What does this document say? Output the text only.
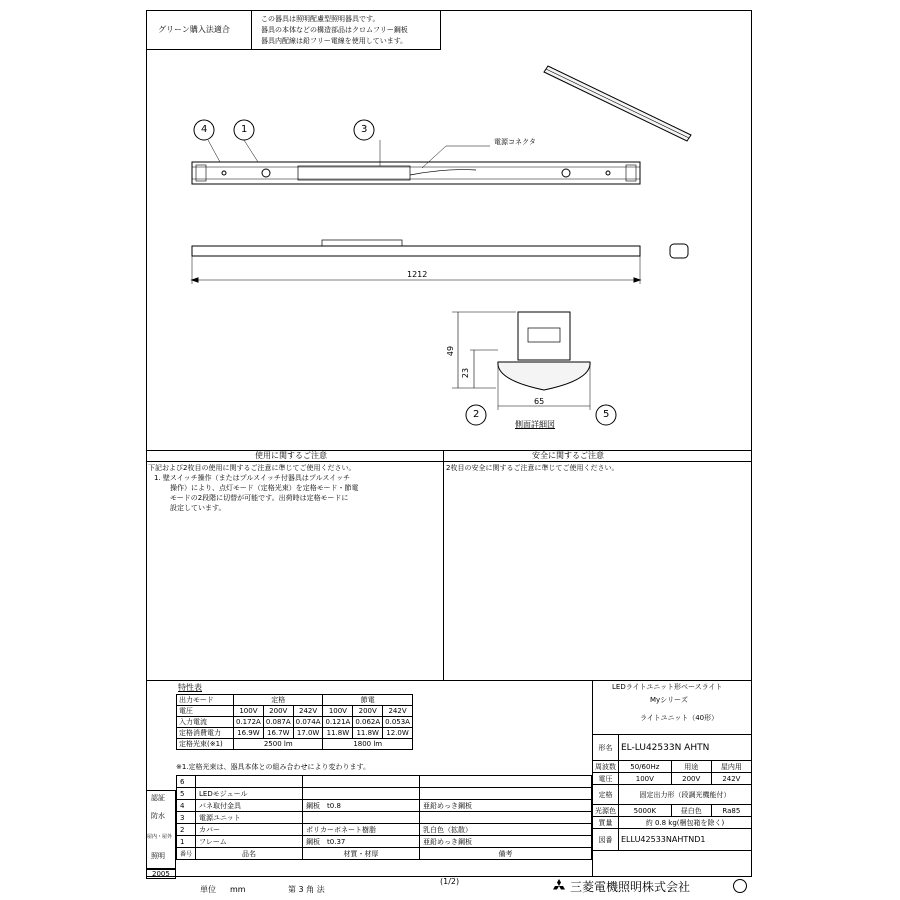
グリーン購入法適合
この器具は照明配慮型照明器具です。
器具の本体などの構造部品はクロムフリー鋼板
器具内配線は鉛フリー電線を使用しています。
4	1	3
2	5
電源コネクタ
1212
49
23
65
側面詳細図
使用に関するご注意	安全に関するご注意
下記および2枚目の使用に関するご注意に準じてご使用ください。
1. 壁スイッチ操作（またはプルスイッチ付器具はプルスイッチ
操作）により、点灯モード（定格光束）を定格モード・節電
モードの2段階に切替が可能です。出荷時は定格モードに
設定しています。
2枚目の安全に関するご注意に準じてご使用ください。
特性表
出力モード	定格			節電		
電圧	100V	200V	242V	100V	200V	242V
入力電流	0.172A	0.087A	0.074A	0.121A	0.062A	0.053A
定格消費電力	16.9W	16.7W	17.0W	11.8W	11.8W	12.0W
定格光束(※1)	2500 lm			1800 lm		
※1.定格光束は、器具本体との組み合わせにより変わります。
6			
5	LEDモジュール		
4	バネ取付金具	鋼板　t0.8	亜鉛めっき鋼板
3	電源ユニット		
2	カバー	ポリカーボネート樹脂	乳白色（拡散）
1	フレーム	鋼板　t0.37	亜鉛めっき鋼板
番号	品名	材質・材厚	備考
認証
防水
屋内・屋外
照明
2005
LEDライトユニット形ベースライト
Myシリーズ
ライトユニット（40形）
形名	EL-LU42533N AHTN		
周波数	50/60Hz	用途	屋内用
電圧	100V	200V	242V
定格	固定出力形（段調光機能付）		
光源色	5000K	昼白色	Ra85
質量	約 0.8 kg(梱包箱を除く)		
図番	ELLU42533NAHTND1		
単位 mm	第 3 角 法
(1/2)	三菱電機照明株式会社
